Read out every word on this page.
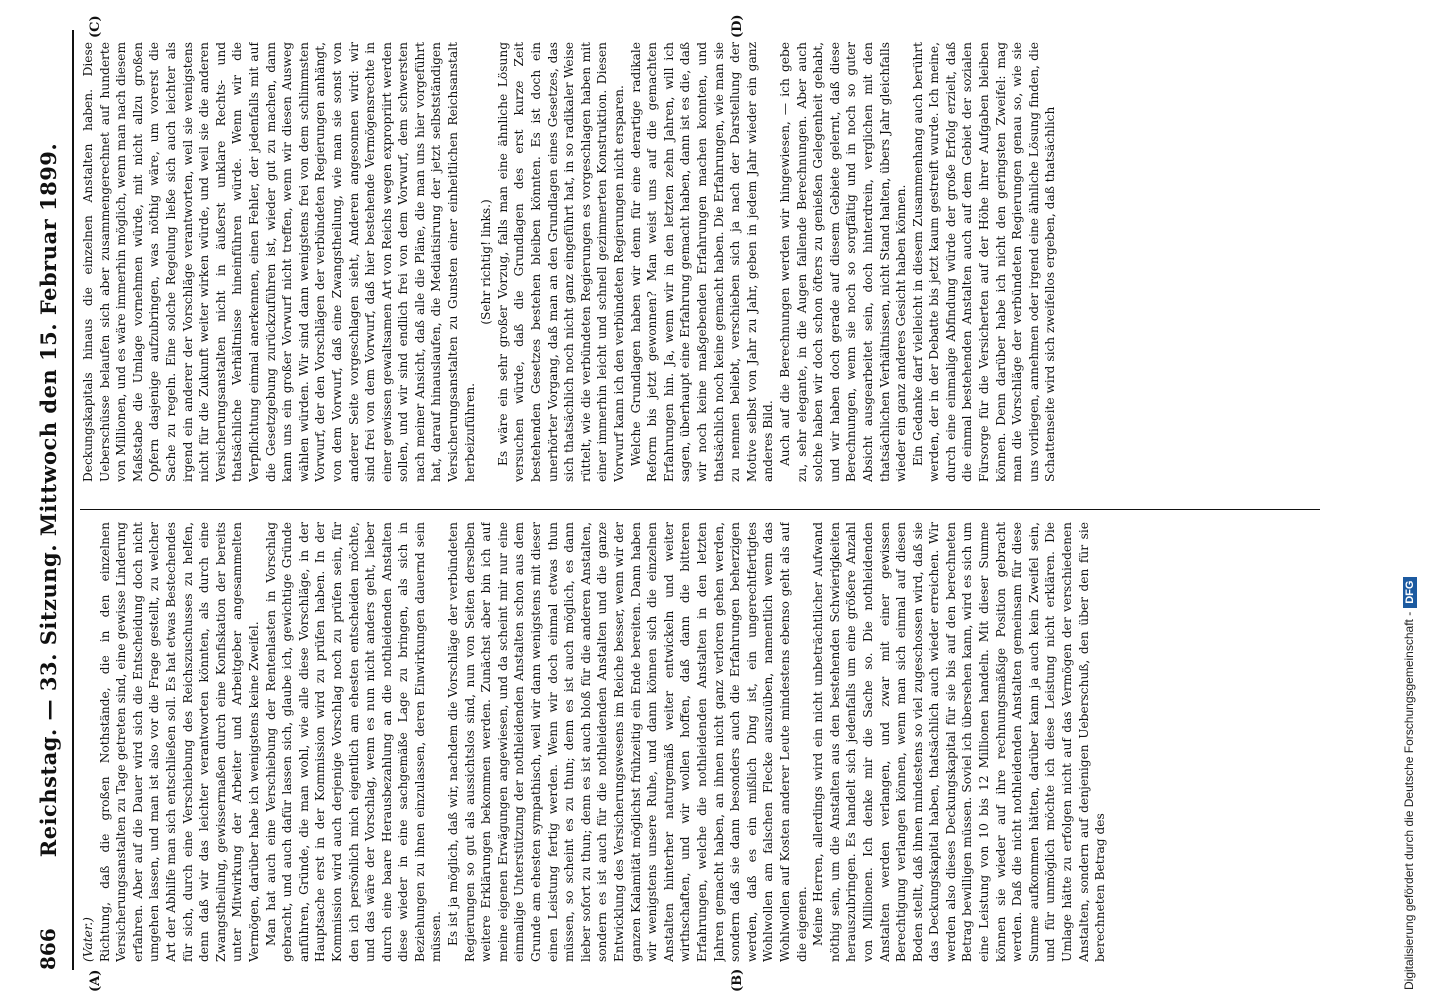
866
Reichstag. — 33. Sitzung. Mittwoch den 15. Februar 1899.
(A)	(B)
(C)	(D)

(Vater.) Richtung, daß die großen Nothstände, die in den einzelnen Versicherungsanstalten zu Tage getreten sind, eine gewisse Linderung erfahren. Aber auf die Dauer wird sich die Entscheidung doch nicht umgehen lassen, und man ist also vor die Frage gestellt, zu welcher Art der Abhilfe man sich entschließen soll. Es hat etwas Bestechendes für sich, durch eine Verschiebung des Reichszuschusses zu helfen, denn daß wir das leichter verantworten könnten, als durch eine Zwangstheilung, gewissermaßen durch eine Konfiskation der bereits unter Mitwirkung der Arbeiter und Arbeitgeber angesammelten Vermögen, darüber habe ich wenigstens keine Zweifel. Man hat auch eine Verschiebung der Rentenlasten in Vorschlag gebracht, und auch dafür lassen sich, glaube ich, gewichtige Gründe anführen, Gründe, die man wohl, wie alle diese Vorschläge, in der Hauptsache erst in der Kommission wird zu prüfen haben. In der Kommission wird auch derjenige Vorschlag noch zu prüfen sein, für den ich persönlich mich eigentlich am ehesten entscheiden möchte, und das wäre der Vorschlag, wenn es nun nicht anders geht, lieber durch eine baare Herausbezahlung an die nothleidenden Anstalten diese wieder in eine sachgemäße Lage zu bringen, als sich in Beziehungen zu ihnen einzulassen, deren Einwirkungen dauernd sein müssen. Es ist ja möglich, daß wir, nachdem die Vorschläge der verbündeten Regierungen so gut als aussichtslos sind, nun von Seiten derselben weitere Erklärungen bekommen werden. Zunächst aber bin ich auf meine eigenen Erwägungen angewiesen, und da scheint mir nur eine einmalige Unterstützung der nothleidenden Anstalten schon aus dem Grunde am ehesten sympathisch, weil wir dann wenigstens mit dieser einen Leistung fertig werden. Wenn wir doch einmal etwas thun müssen, so scheint es zu thun; denn es ist auch möglich, es dann lieber sofort zu thun; denn es ist auch bloß für die anderen Anstalten, sondern es ist auch für die nothleidenden Anstalten und die ganze Entwicklung des Versicherungswesens im Reiche besser, wenn wir der ganzen Kalamität möglichst frühzeitig ein Ende bereiten. Dann haben wir wenigstens unsere Ruhe, und dann können sich die einzelnen Anstalten hinterher naturgemäß weiter entwickeln und weiter wirthschaften, und wir wollen hoffen, daß dann die bitteren Erfahrungen, welche die nothleidenden Anstalten in den letzten Jahren gemacht haben, an ihnen nicht ganz verloren gehen werden, sondern daß sie dann besonders auch die Erfahrungen beherzigen werden, daß es ein mißlich Ding ist, ein ungerechtfertigtes Wohlwollen am falschen Flecke auszuüben, namentlich wenn das Wohlwollen auf Kosten anderer Leute mindestens ebenso geht als auf die eigenen. Meine Herren, allerdings wird ein nicht unbeträchtlicher Aufwand nöthig sein, um die Anstalten aus den bestehenden Schwierigkeiten herauszubringen. Es handelt sich jedenfalls um eine größere Anzahl von Millionen. Ich denke mir die Sache so. Die nothleidenden Anstalten werden verlangen, und zwar mit einer gewissen Berechtigung verlangen können, wenn man sich einmal auf diesen Boden stellt, daß ihnen mindestens so viel zugeschossen wird, daß sie das Deckungskapital haben, thatsächlich auch wieder erreichen. Wir werden also dieses Deckungskapital für sie bis auf den berechneten Betrag bewilligen müssen. Soviel ich übersehen kann, wird es sich um eine Leistung von 10 bis 12 Millionen handeln. Mit dieser Summe können sie wieder auf ihre rechnungsmäßige Position gebracht werden. Daß die nicht nothleidenden Anstalten gemeinsam für diese Summe aufkommen hätten, darüber kann ja auch kein Zweifel sein, und für unmöglich möchte ich diese Leistung nicht erklären. Die Umlage hätte zu erfolgen nicht auf das Vermögen der verschiedenen Anstalten, sondern auf denjenigen Ueberschuß, den über den für sie berechneten Betrag des

Deckungskapitals hinaus die einzelnen Anstalten haben. Diese Ueberschüsse belaufen sich aber zusammengerechnet auf hunderte von Millionen, und es wäre immerhin möglich, wenn man nach diesem Maßstabe die Umlage vornehmen würde, mit nicht allzu großen Opfern dasjenige aufzubringen, was nöthig wäre, um vorerst die Sache zu regeln. Eine solche Regelung ließe sich auch leichter als irgend ein anderer der Vorschläge verantworten, weil sie wenigstens nicht für die Zukunft weiter wirken würde, und weil sie die anderen Versicherungsanstalten nicht in äußerst unklare Rechts- und thatsächliche Verhältnisse hineinführen würde. Wenn wir die Verpflichtung einmal anerkennen, einen Fehler, der jedenfalls mit auf die Gesetzgebung zurückzuführen ist, wieder gut zu machen, dann kann uns ein großer Vorwurf nicht treffen, wenn wir diesen Ausweg wählen würden. Wir sind dann wenigstens frei von dem schlimmsten Vorwurf, der den Vorschlägen der verbündeten Regierungen anhängt, von dem Vorwurf, daß eine Zwangstheilung, wie man sie sonst von anderer Seite vorgeschlagen sieht, Anderen angesonnen wird: wir sind frei von dem Vorwurf, daß hier bestehende Vermögensrechte in einer gewissen gewaltsamen Art von Reichs wegen expropriirt werden sollen, und wir sind endlich frei von dem Vorwurf, dem schwersten nach meiner Ansicht, daß alle die Pläne, die man uns hier vorgeführt hat, darauf hinauslaufen, die Mediatisirung der jetzt selbstständigen Versicherungsanstalten zu Gunsten einer einheitlichen Reichsanstalt herbeizuführen.

(Sehr richtig! links.) Es wäre ein sehr großer Vorzug, falls man eine ähnliche Lösung versuchen würde, daß die Grundlagen des erst kurze Zeit bestehenden Gesetzes bestehen bleiben könnten. Es ist doch ein unerhörter Vorgang, daß man an den Grundlagen eines Gesetzes, das sich thatsächlich noch nicht ganz eingeführt hat, in so radikaler Weise rüttelt, wie die verbündeten Regierungen es vorgeschlagen haben mit einer immerhin leicht und schnell gezimmerten Konstruktion. Diesen Vorwurf kann ich den verbündeten Regierungen nicht ersparen. Welche Grundlagen haben wir denn für eine derartige radikale Reform bis jetzt gewonnen? Man weist uns auf die gemachten Erfahrungen hin. Ja, wenn wir in den letzten zehn Jahren, will ich sagen, überhaupt eine Erfahrung gemacht haben, dann ist es die, daß wir noch keine maßgebenden Erfahrungen machen konnten, und thatsächlich noch keine gemacht haben. Die Erfahrungen, wie man sie zu nennen beliebt, verschieben sich ja nach der Darstellung der Motive selbst von Jahr zu Jahr, geben in jedem Jahr wieder ein ganz anderes Bild. Auch auf die Berechnungen werden wir hingewiesen, — ich gebe zu, sehr elegante, in die Augen fallende Berechnungen. Aber auch solche haben wir doch schon öfters zu genießen Gelegenheit gehabt, und wir haben doch gerade auf diesem Gebiete gelernt, daß diese Berechnungen, wenn sie noch so sorgfältig und in noch so guter Absicht ausgearbeitet sein, doch hinterdrein, verglichen mit den thatsächlichen Verhältnissen, nicht Stand halten, übers Jahr gleichfalls wieder ein ganz anderes Gesicht haben können. Ein Gedanke darf vielleicht in diesem Zusammenhang auch berührt werden, der in der Debatte bis jetzt kaum gestreift wurde. Ich meine, durch eine einmalige Abfindung würde der große Erfolg erzielt, daß die einmal bestehenden Anstalten auch auf dem Gebiet der sozialen Fürsorge für die Versicherten auf der Höhe ihrer Aufgaben bleiben können. Denn darüber habe ich nicht den geringsten Zweifel: mag man die Vorschläge der verbündeten Regierungen genau so, wie sie uns vorliegen, annehmen oder irgend eine ähnliche Lösung finden, die Schattenseite wird sich zweifellos ergeben, daß thatsächlich

Digitalisierung gefördert durch die Deutsche Forschungsgemeinschaft -DFG
